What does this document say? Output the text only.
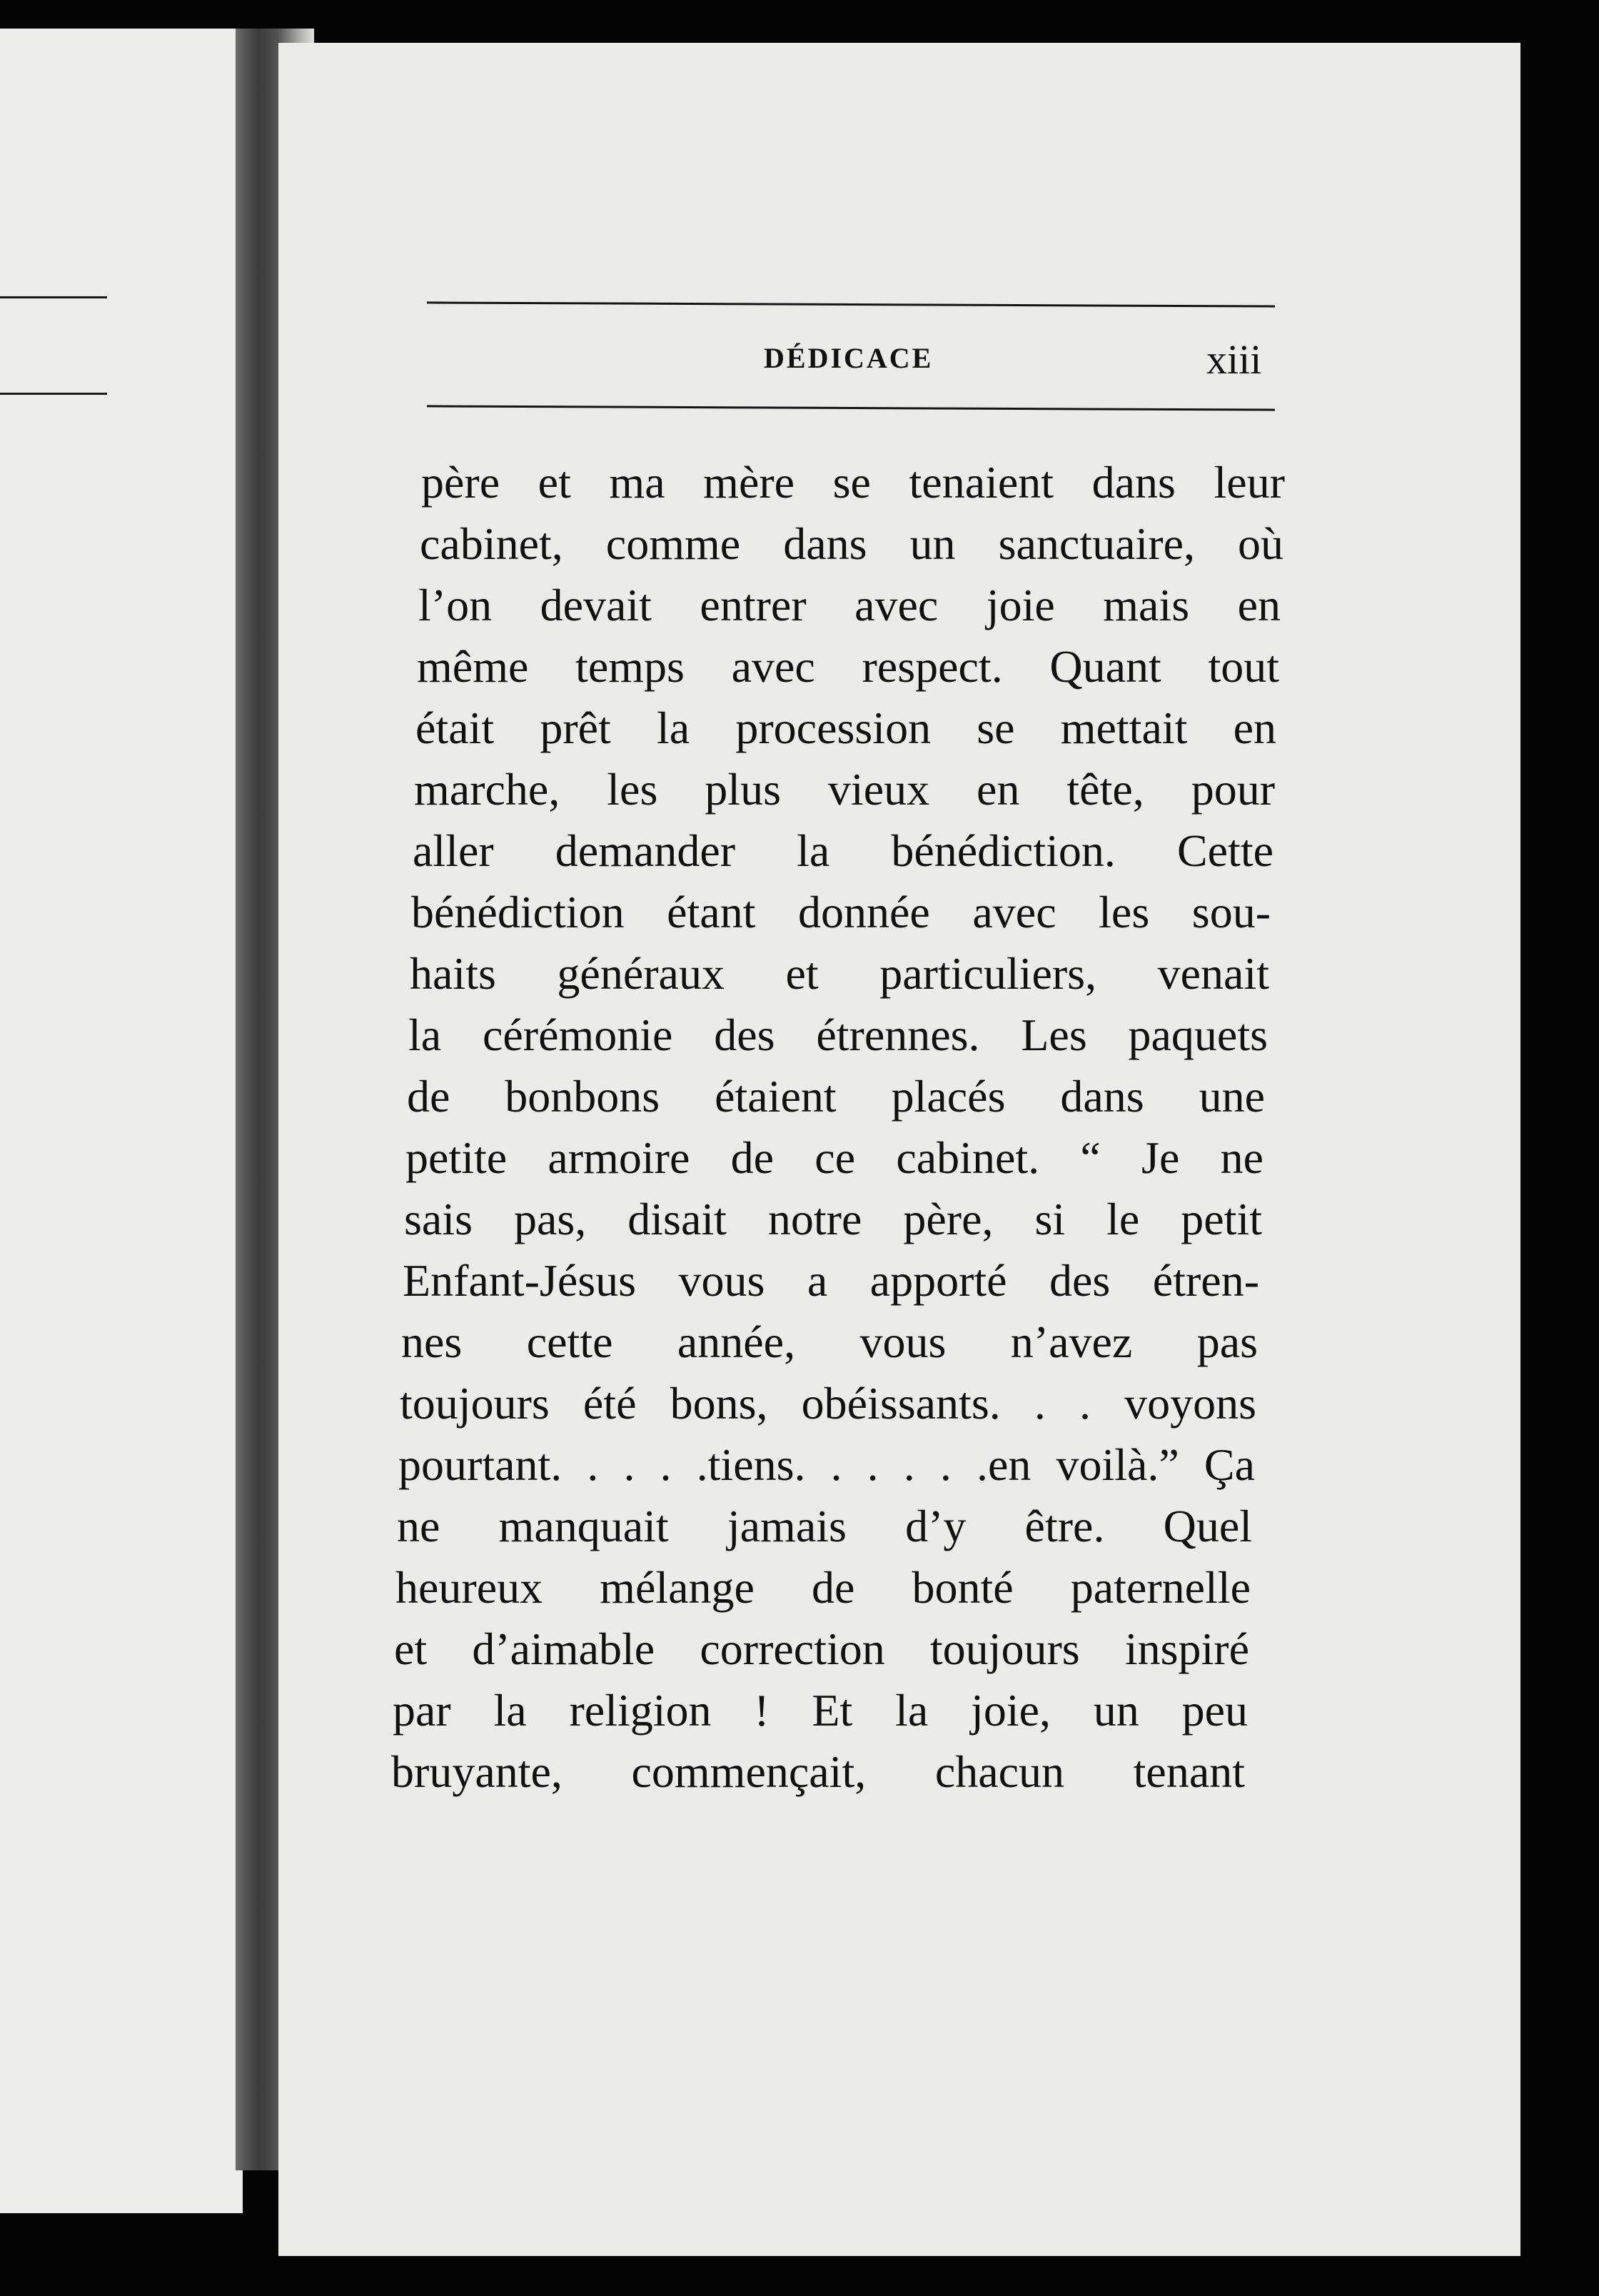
DÉDICACE	xiii
père et ma mère se tenaient dans leur
cabinet, comme dans un sanctuaire, où
l’on devait entrer avec joie mais en
même temps avec respect. Quant tout
était prêt la procession se mettait en
marche, les plus vieux en tête, pour
aller demander la bénédiction. Cette
bénédiction étant donnée avec les sou-
haits généraux et particuliers, venait
la cérémonie des étrennes. Les paquets
de bonbons étaient placés dans une
petite armoire de ce cabinet. “ Je ne
sais pas, disait notre père, si le petit
Enfant-Jésus vous a apporté des étren-
nes cette année, vous n’avez pas
toujours été bons, obéissants. . . voyons
pourtant. . . . .tiens. . . . . .en voilà.” Ça
ne manquait jamais d’y être. Quel
heureux mélange de bonté paternelle
et d’aimable correction toujours inspiré
par la religion ! Et la joie, un peu
bruyante, commençait, chacun tenant
